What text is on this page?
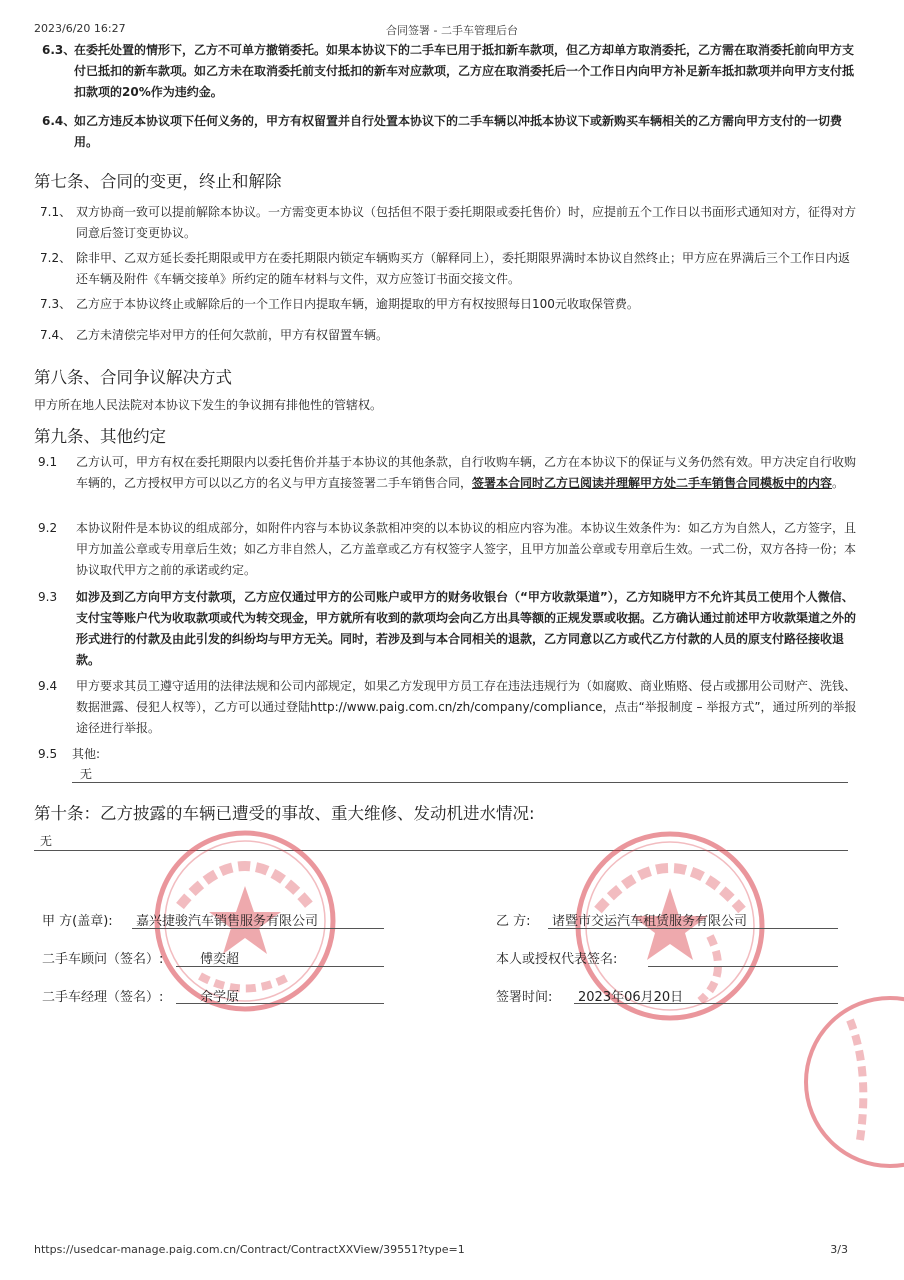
2023/6/20 16:27	合同签署 - 二手车管理后台
6.3、
在委托处置的情形下，乙方不可单方撤销委托。如果本协议下的二手车已用于抵扣新车款项，但乙方却单方取消委托，乙方需在取消委托前向甲方支付已抵扣的新车款项。如乙方未在取消委托前支付抵扣的新车对应款项，乙方应在取消委托后一个工作日内向甲方补足新车抵扣款项并向甲方支付抵扣款项的20%作为违约金。
6.4、
如乙方违反本协议项下任何义务的，甲方有权留置并自行处置本协议下的二手车辆以冲抵本协议下或新购买车辆相关的乙方需向甲方支付的一切费用。
第七条、合同的变更，终止和解除
7.1、 双方协商一致可以提前解除本协议。一方需变更本协议（包括但不限于委托期限或委托售价）时，应提前五个工作日以书面形式通知对方，征得对方同意后签订变更协议。
7.2、 除非甲、乙双方延长委托期限或甲方在委托期限内锁定车辆购买方（解释同上），委托期限界满时本协议自然终止；甲方应在界满后三个工作日内返还车辆及附件《车辆交接单》所约定的随车材料与文件，双方应签订书面交接文件。
7.3、 乙方应于本协议终止或解除后的一个工作日内提取车辆，逾期提取的甲方有权按照每日100元收取保管费。
7.4、 乙方未清偿完毕对甲方的任何欠款前，甲方有权留置车辆。
第八条、合同争议解决方式
甲方所在地人民法院对本协议下发生的争议拥有排他性的管辖权。
第九条、其他约定
9.1 乙方认可，甲方有权在委托期限内以委托售价并基于本协议的其他条款，自行收购车辆，乙方在本协议下的保证与义务仍然有效。甲方决定自行收购车辆的，乙方授权甲方可以以乙方的名义与甲方直接签署二手车销售合同，签署本合同时乙方已阅读并理解甲方处二手车销售合同模板中的内容。
9.2 本协议附件是本协议的组成部分，如附件内容与本协议条款相冲突的以本协议的相应内容为准。本协议生效条件为：如乙方为自然人，乙方签字，且甲方加盖公章或专用章后生效；如乙方非自然人，乙方盖章或乙方有权签字人签字，且甲方加盖公章或专用章后生效。一式二份，双方各持一份；本协议取代甲方之前的承诺或约定。
9.3 如涉及到乙方向甲方支付款项，乙方应仅通过甲方的公司账户或甲方的财务收银台（“甲方收款渠道”），乙方知晓甲方不允许其员工使用个人微信、支付宝等账户代为收取款项或代为转交现金，甲方就所有收到的款项均会向乙方出具等额的正规发票或收据。乙方确认通过前述甲方收款渠道之外的形式进行的付款及由此引发的纠纷均与甲方无关。同时，若涉及到与本合同相关的退款，乙方同意以乙方或代乙方付款的人员的原支付路径接收退款。
9.4 甲方要求其员工遵守适用的法律法规和公司内部规定，如果乙方发现甲方员工存在违法违规行为（如腐败、商业贿赂、侵占或挪用公司财产、洗钱、数据泄露、侵犯人权等），乙方可以通过登陆http://www.paig.com.cn/zh/company/compliance，点击“举报制度 – 举报方式”，通过所列的举报途径进行举报。
9.5 其他:
无
第十条：乙方披露的车辆已遭受的事故、重大维修、发动机进水情况:
无
甲 方(盖章): 嘉兴捷骏汽车销售服务有限公司
二手车顾问（签名）:	傅奕超
二手车经理（签名）:	余学原
乙 方: 诸暨市交运汽车租赁服务有限公司
本人或授权代表签名:
签署时间: 2023年06月20日
https://usedcar-manage.paig.com.cn/Contract/ContractXXView/39551?type=1	3/3
